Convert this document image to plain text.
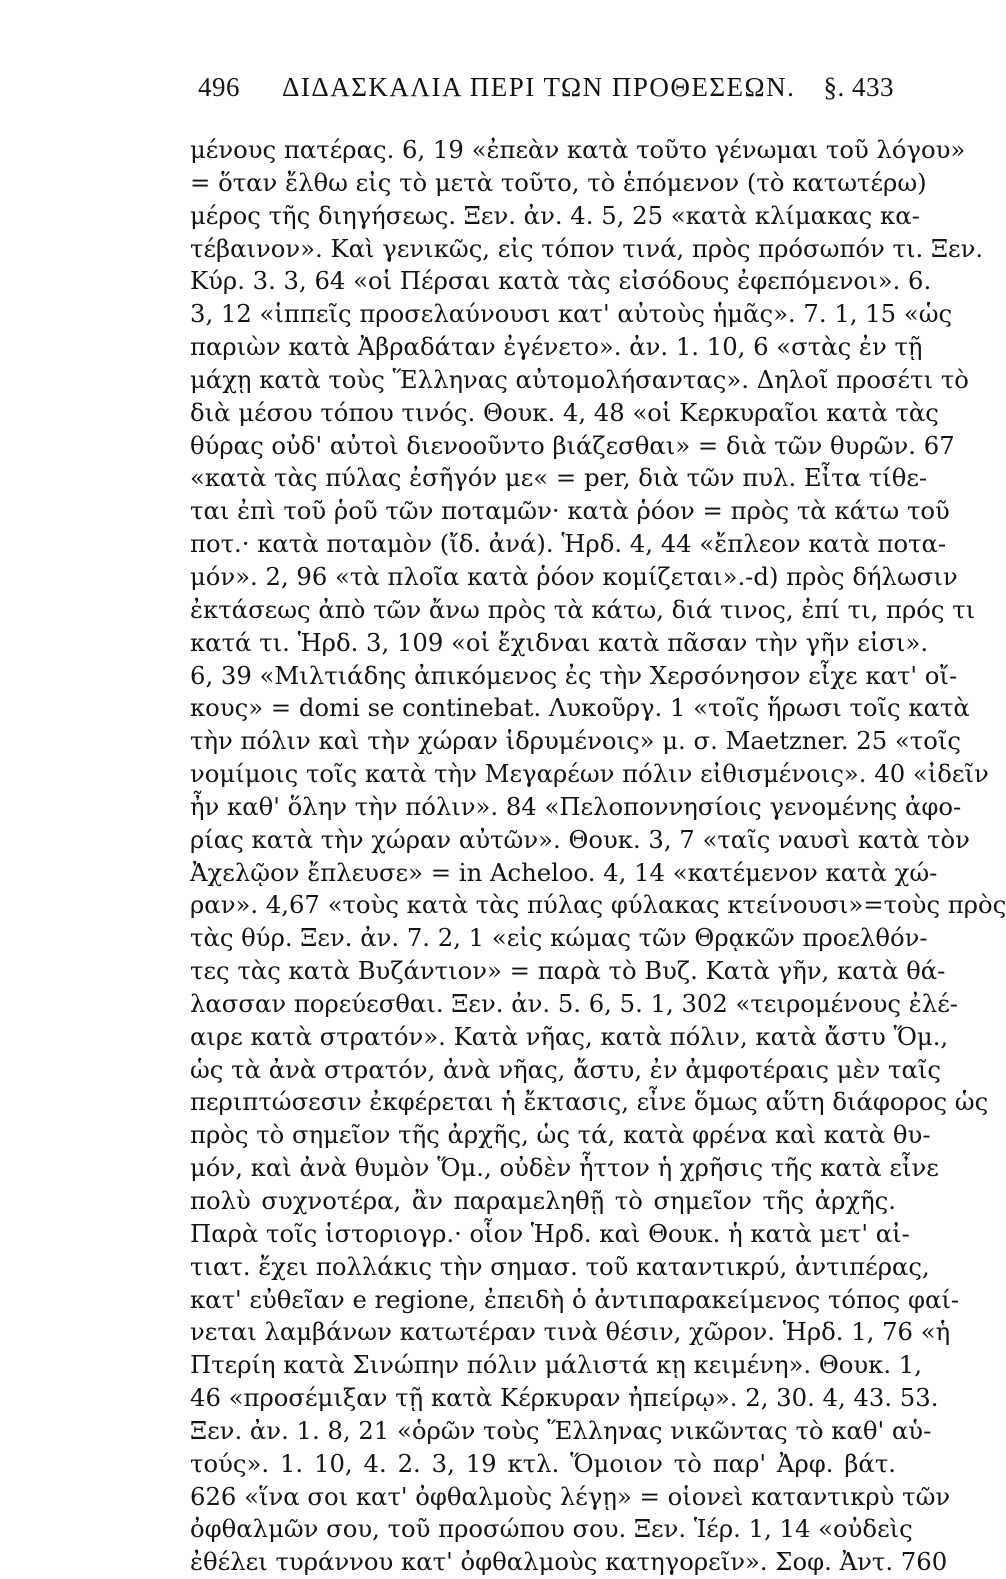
496 ΔΙΔΑΣΚΑΛΙΑ ΠΕΡΙ ΤΩΝ ΠΡΟΘΕΣΕΩΝ. §. 433
μένους πατέρας. 6, 19 «ἐπεὰν κατὰ τοῦτο γένωμαι τοῦ λόγου»
= ὅταν ἔλθω εἰς τὸ μετὰ τοῦτο, τὸ ἑπόμενον (τὸ κατωτέρω)
μέρος τῆς διηγήσεως. Ξεν. ἀν. 4. 5, 25 «κατὰ κλίμακας κα-
τέβαινον». Καὶ γενικῶς, εἰς τόπον τινά, πρὸς πρόσωπόν τι. Ξεν.
Κύρ. 3. 3, 64 «οἱ Πέρσαι κατὰ τὰς εἰσόδους ἐφεπόμενοι». 6.
3, 12 «ἱππεῖς προσελαύνουσι κατ' αὐτοὺς ἡμᾶς». 7. 1, 15 «ὡς
παριὼν κατὰ Ἀβραδάταν ἐγένετο». ἀν. 1. 10, 6 «στὰς ἐν τῇ
μάχῃ κατὰ τοὺς Ἕλληνας αὐτομολήσαντας». Δηλοῖ προσέτι τὸ
διὰ μέσου τόπου τινός. Θουκ. 4, 48 «οἱ Κερκυραῖοι κατὰ τὰς
θύρας οὐδ' αὐτοὶ διενοοῦντο βιάζεσθαι» = διὰ τῶν θυρῶν. 67
«κατὰ τὰς πύλας ἐσῆγόν με« = per, διὰ τῶν πυλ. Εἶτα τίθε-
ται ἐπὶ τοῦ ῥοῦ τῶν ποταμῶν· κατὰ ῥόον = πρὸς τὰ κάτω τοῦ
ποτ.· κατὰ ποταμὸν (ἴδ. ἀνά). Ἡρδ. 4, 44 «ἔπλεον κατὰ ποτα-
μόν». 2, 96 «τὰ πλοῖα κατὰ ῥόον κομίζεται».-d) πρὸς δήλωσιν
ἐκτάσεως ἀπὸ τῶν ἄνω πρὸς τὰ κάτω, διά τινος, ἐπί τι, πρός τι
κατά τι. Ἡρδ. 3, 109 «οἱ ἔχιδναι κατὰ πᾶσαν τὴν γῆν εἰσι».
6, 39 «Μιλτιάδης ἀπικόμενος ἐς τὴν Χερσόνησον εἶχε κατ' οἴ-
κους» = domi se continebat. Λυκοῦργ. 1 «τοῖς ἥρωσι τοῖς κατὰ
τὴν πόλιν καὶ τὴν χώραν ἱδρυμένοις» μ. σ. Maetzner. 25 «τοῖς
νομίμοις τοῖς κατὰ τὴν Μεγαρέων πόλιν εἰθισμένοις». 40 «ἰδεῖν
ἦν καθ' ὅλην τὴν πόλιν». 84 «Πελοποννησίοις γενομένης ἀφο-
ρίας κατὰ τὴν χώραν αὐτῶν». Θουκ. 3, 7 «ταῖς ναυσὶ κατὰ τὸν
Ἀχελῷον ἔπλευσε» = in Acheloo. 4, 14 «κατέμενον κατὰ χώ-
ραν». 4,67 «τοὺς κατὰ τὰς πύλας φύλακας κτείνουσι»=τοὺς πρὸς
τὰς θύρ. Ξεν. ἀν. 7. 2, 1 «εἰς κώμας τῶν Θρᾳκῶν προελθόν-
τες τὰς κατὰ Βυζάντιον» = παρὰ τὸ Βυζ. Κατὰ γῆν, κατὰ θά-
λασσαν πορεύεσθαι. Ξεν. ἀν. 5. 6, 5. 1, 302 «τειρομένους ἐλέ-
αιρε κατὰ στρατόν». Κατὰ νῆας, κατὰ πόλιν, κατὰ ἄστυ Ὅμ.,
ὡς τὰ ἀνὰ στρατόν, ἀνὰ νῆας, ἄστυ, ἐν ἀμφοτέραις μὲν ταῖς
περιπτώσεσιν ἐκφέρεται ἡ ἔκτασις, εἶνε ὅμως αὕτη διάφορος ὡς
πρὸς τὸ σημεῖον τῆς ἀρχῆς, ὡς τά, κατὰ φρένα καὶ κατὰ θυ-
μόν, καὶ ἀνὰ θυμὸν Ὅμ., οὐδὲν ἧττον ἡ χρῆσις τῆς κατὰ εἶνε
πολὺ συχνοτέρα, ἂν παραμεληθῇ τὸ σημεῖον τῆς ἀρχῆς.
Παρὰ τοῖς ἱστοριογρ.· οἷον Ἡρδ. καὶ Θουκ. ἡ κατὰ μετ' αἰ-
τιατ. ἔχει πολλάκις τὴν σημασ. τοῦ καταντικρύ, ἀντιπέρας,
κατ' εὐθεῖαν e regione, ἐπειδὴ ὁ ἀντιπαρακείμενος τόπος φαί-
νεται λαμβάνων κατωτέραν τινὰ θέσιν, χῶρον. Ἡρδ. 1, 76 «ἡ
Πτερίη κατὰ Σινώπην πόλιν μάλιστά κῃ κειμένη». Θουκ. 1,
46 «προσέμιξαν τῇ κατὰ Κέρκυραν ἠπείρῳ». 2, 30. 4, 43. 53.
Ξεν. ἀν. 1. 8, 21 «ὁρῶν τοὺς Ἕλληνας νικῶντας τὸ καθ' αὑ-
τούς». 1. 10, 4. 2. 3, 19 κτλ. Ὅμοιον τὸ παρ' Ἀρφ. βάτ.
626 «ἵνα σοι κατ' ὀφθαλμοὺς λέγῃ» = οἱονεὶ καταντικρὺ τῶν
ὀφθαλμῶν σου, τοῦ προσώπου σου. Ξεν. Ἱέρ. 1, 14 «οὐδεὶς
ἐθέλει τυράννου κατ' ὀφθαλμοὺς κατηγορεῖν». Σοφ. Ἀντ. 760
